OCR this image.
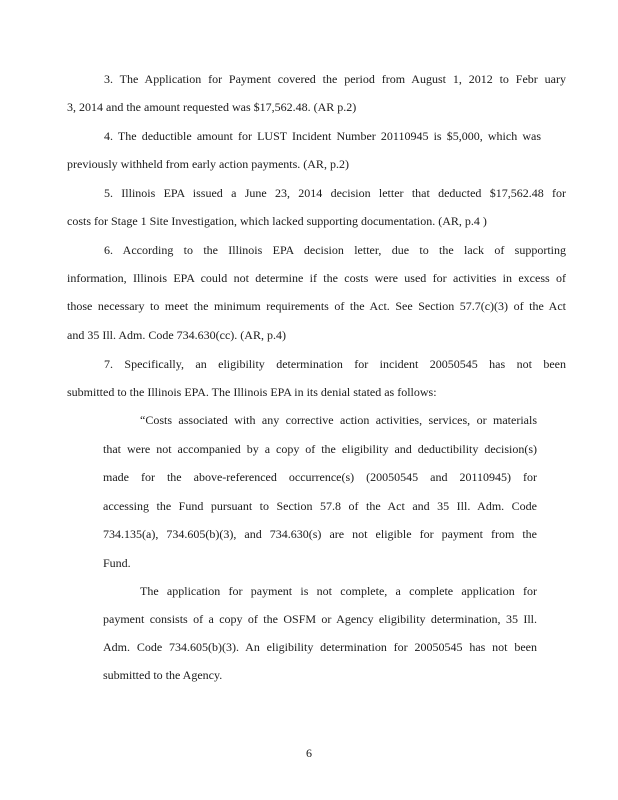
3. The Application for Payment covered the period from August 1, 2012 to Febr uary
3, 2014 and the amount requested was $17,562.48. (AR p.2)
4. The deductible amount for LUST Incident Number 20110945 is $5,000, which was
previously withheld from early action payments. (AR, p.2)
5. Illinois EPA issued a June 23, 2014 decision letter that deducted $17,562.48 for
costs for Stage 1 Site Investigation, which lacked supporting documentation. (AR, p.4 )
6. According to the Illinois EPA decision letter, due to the lack of supporting
information, Illinois EPA could not determine if the costs were used for activities in excess of
those necessary to meet the minimum requirements of the Act. See Section 57.7(c)(3) of the Act
and 35 Ill. Adm. Code 734.630(cc). (AR, p.4)
7. Specifically, an eligibility determination for incident 20050545 has not been
submitted to the Illinois EPA. The Illinois EPA in its denial stated as follows:
“Costs associated with any corrective action activities, services, or materials
that were not accompanied by a copy of the eligibility and deductibility decision(s)
made for the above-referenced occurrence(s) (20050545 and 20110945) for
accessing the Fund pursuant to Section 57.8 of the Act and 35 Ill. Adm. Code
734.135(a), 734.605(b)(3), and 734.630(s) are not eligible for payment from the
Fund.
The application for payment is not complete, a complete application for
payment consists of a copy of the OSFM or Agency eligibility determination, 35 Ill.
Adm. Code 734.605(b)(3). An eligibility determination for 20050545 has not been
submitted to the Agency.
6
